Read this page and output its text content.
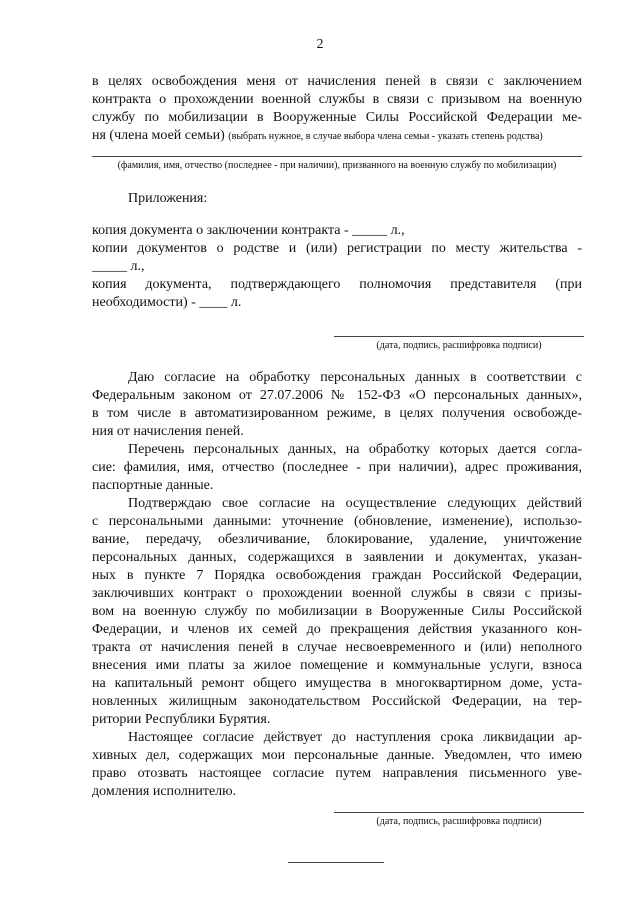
2
в целях освобождения меня от начисления пеней в связи с заключением
контракта о прохождении военной службы в связи с призывом на военную
службу по мобилизации в Вооруженные Силы Российской Федерации ме-
ня (члена моей семьи) (выбрать нужное, в случае выбора члена семьи - указать степень родства)
(фамилия, имя, отчество (последнее - при наличии), призванного на военную службу по мобилизации)
Приложения:
копия документа о заключении контракта - _____ л.,
копии документов о родстве и (или) регистрации по месту жительства -
_____ л.,
копия документа, подтверждающего полномочия представителя (при
необходимости) - ____ л.
(дата, подпись, расшифровка подписи)
Даю согласие на обработку персональных данных в соответствии с
Федеральным законом от 27.07.2006 № 152-ФЗ «О персональных данных»,
в том числе в автоматизированном режиме, в целях получения освобожде-
ния от начисления пеней.
Перечень персональных данных, на обработку которых дается согла-
сие: фамилия, имя, отчество (последнее - при наличии), адрес проживания,
паспортные данные.
Подтверждаю свое согласие на осуществление следующих действий
с персональными данными: уточнение (обновление, изменение), использо-
вание, передачу, обезличивание, блокирование, удаление, уничтожение
персональных данных, содержащихся в заявлении и документах, указан-
ных в пункте 7 Порядка освобождения граждан Российской Федерации,
заключивших контракт о прохождении военной службы в связи с призы-
вом на военную службу по мобилизации в Вооруженные Силы Российской
Федерации, и членов их семей до прекращения действия указанного кон-
тракта от начисления пеней в случае несвоевременного и (или) неполного
внесения ими платы за жилое помещение и коммунальные услуги, взноса
на капитальный ремонт общего имущества в многоквартирном доме, уста-
новленных жилищным законодательством Российской Федерации, на тер-
ритории Республики Бурятия.
Настоящее согласие действует до наступления срока ликвидации ар-
хивных дел, содержащих мои персональные данные. Уведомлен, что имею
право отозвать настоящее согласие путем направления письменного уве-
домления исполнителю.
(дата, подпись, расшифровка подписи)
